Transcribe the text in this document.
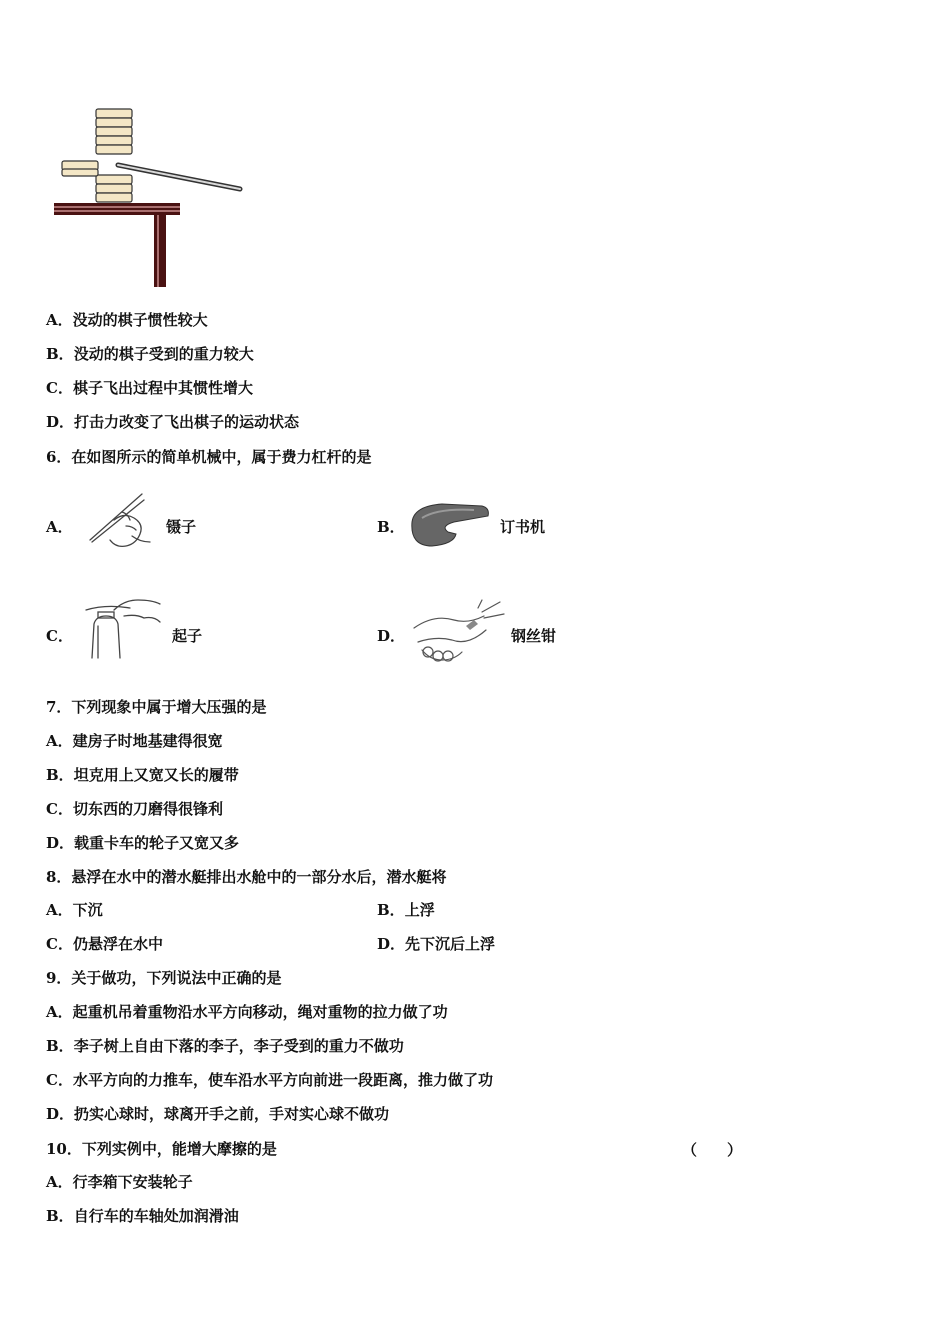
A．没动的棋子惯性较大
B．没动的棋子受到的重力较大
C．棋子飞出过程中其惯性增大
D．打击力改变了飞出棋子的运动状态
6．在如图所示的简单机械中，属于费力杠杆的是
A．	镊子	B．	订书机
C．	起子	D．	钢丝钳
7．下列现象中属于增大压强的是
A．建房子时地基建得很宽
B．坦克用上又宽又长的履带
C．切东西的刀磨得很锋利
D．载重卡车的轮子又宽又多
8．悬浮在水中的潜水艇排出水舱中的一部分水后，潜水艇将
A．下沉	B．上浮
C．仍悬浮在水中	D．先下沉后上浮
9．关于做功，下列说法中正确的是
A．起重机吊着重物沿水平方向移动，绳对重物的拉力做了功
B．李子树上自由下落的李子，李子受到的重力不做功
C．水平方向的力推车，使车沿水平方向前进一段距离，推力做了功
D．扔实心球时，球离开手之前，手对实心球不做功
10．下列实例中，能增大摩擦的是	（　　）
A．行李箱下安装轮子
B．自行车的车轴处加润滑油
